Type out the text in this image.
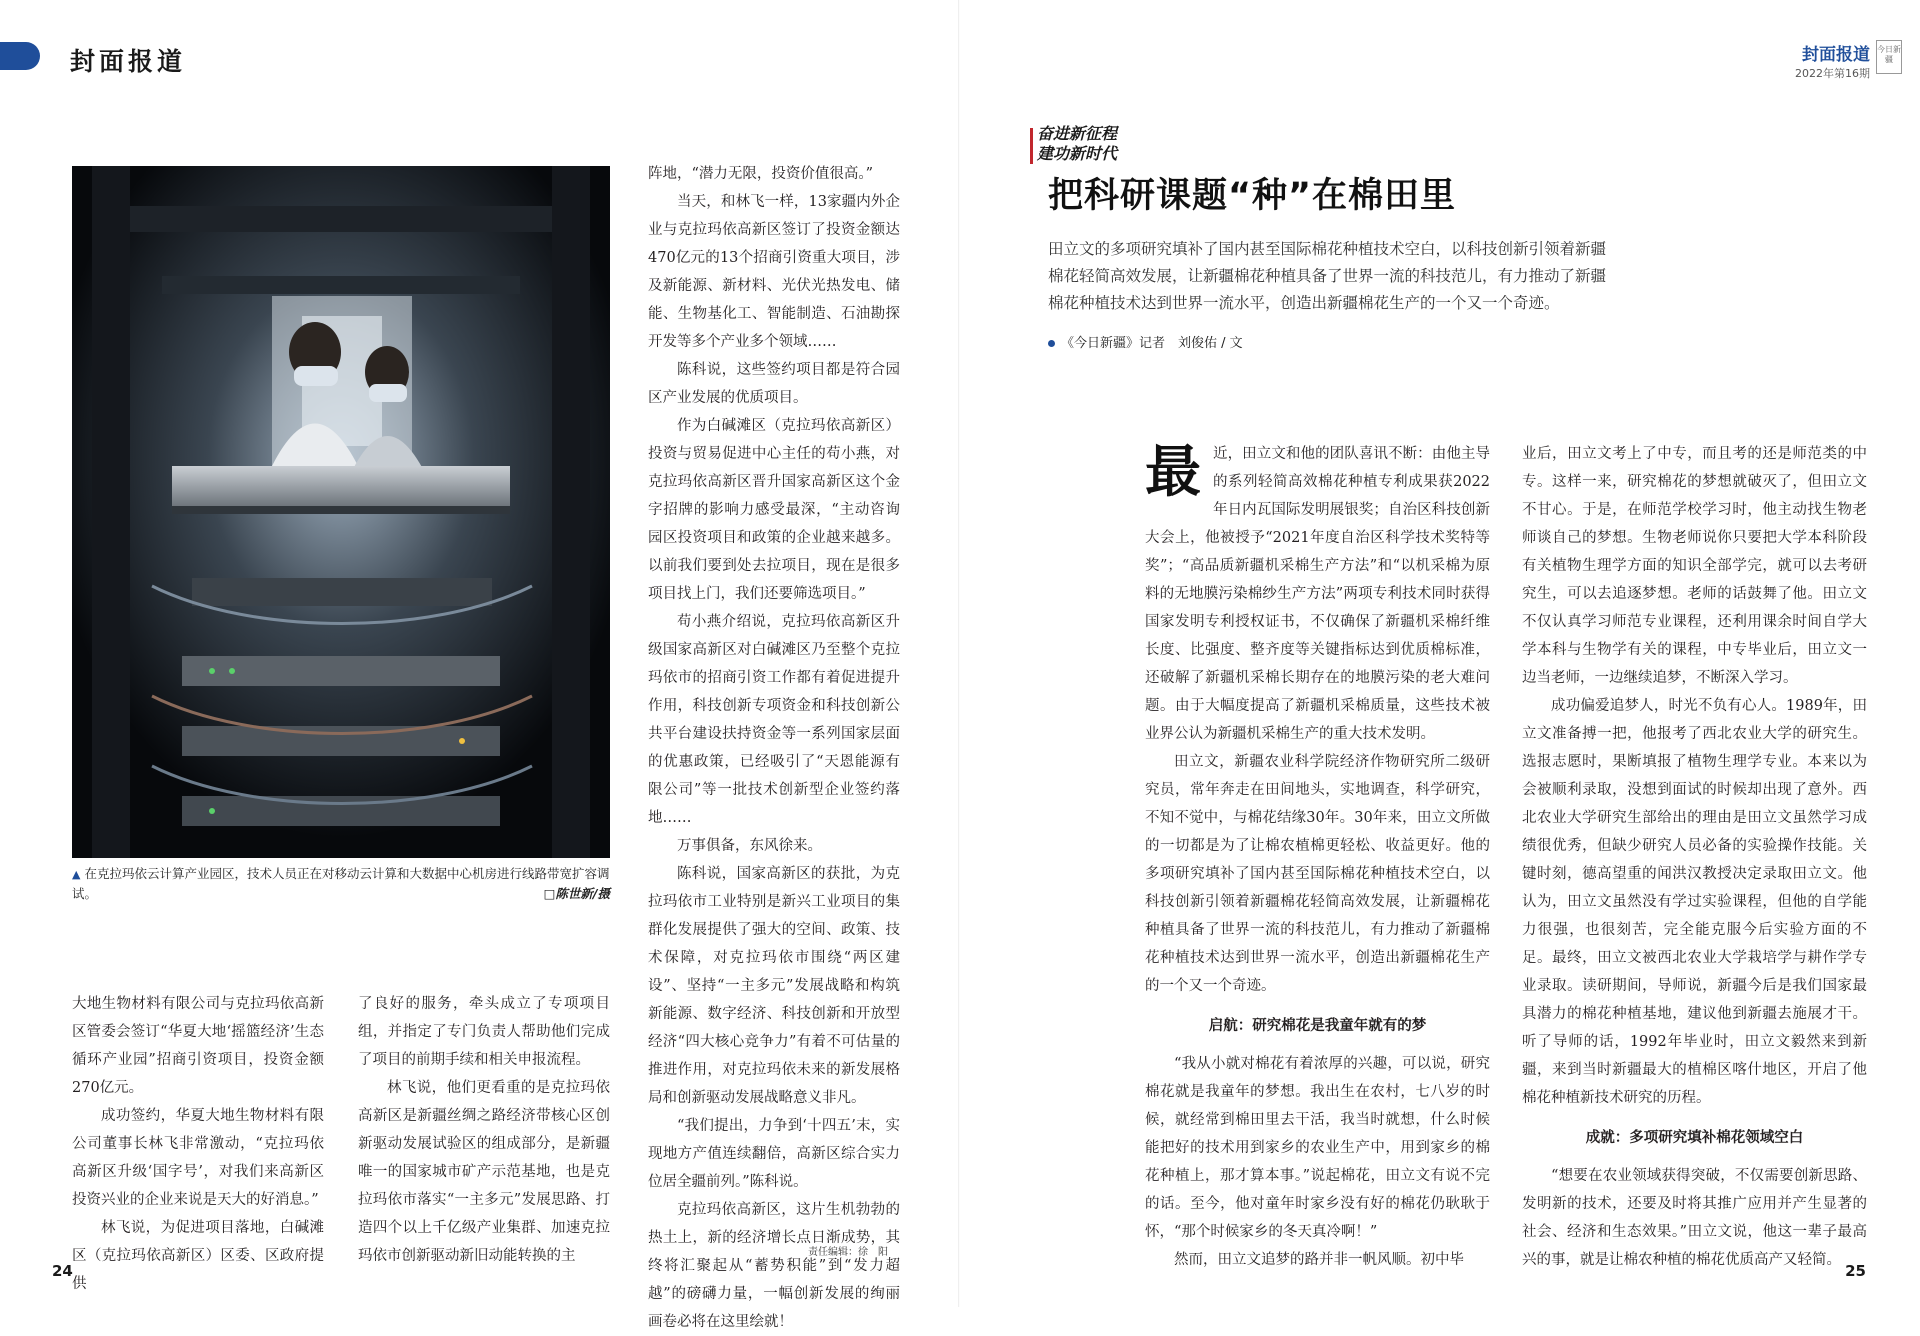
封面报道
▲ 在克拉玛依云计算产业园区，技术人员正在对移动云计算和大数据中心机房进行线路带宽扩容调试。	□陈世新/摄

阵地，“潜力无限，投资价值很高。”

当天，和林飞一样，13家疆内外企业与克拉玛依高新区签订了投资金额达470亿元的13个招商引资重大项目，涉及新能源、新材料、光伏光热发电、储能、生物基化工、智能制造、石油勘探开发等多个产业多个领域……

陈科说，这些签约项目都是符合园区产业发展的优质项目。

作为白碱滩区（克拉玛依高新区）投资与贸易促进中心主任的苟小燕，对克拉玛依高新区晋升国家高新区这个金字招牌的影响力感受最深，“主动咨询园区投资项目和政策的企业越来越多。以前我们要到处去拉项目，现在是很多项目找上门，我们还要筛选项目。”

苟小燕介绍说，克拉玛依高新区升级国家高新区对白碱滩区乃至整个克拉玛依市的招商引资工作都有着促进提升作用，科技创新专项资金和科技创新公共平台建设扶持资金等一系列国家层面的优惠政策，已经吸引了“天恩能源有限公司”等一批技术创新型企业签约落地……

万事俱备，东风徐来。

陈科说，国家高新区的获批，为克拉玛依市工业特别是新兴工业项目的集群化发展提供了强大的空间、政策、技术保障，对克拉玛依市围绕“两区建设”、坚持“一主多元”发展战略和构筑新能源、数字经济、科技创新和开放型经济“四大核心竞争力”有着不可估量的推进作用，对克拉玛依未来的新发展格局和创新驱动发展战略意义非凡。

“我们提出，力争到‘十四五’末，实现地方产值连续翻倍，高新区综合实力位居全疆前列。”陈科说。

克拉玛依高新区，这片生机勃勃的热土上，新的经济增长点日渐成势，其终将汇聚起从“蓄势积能”到“发力超越”的磅礴力量，一幅创新发展的绚丽画卷必将在这里绘就！

大地生物材料有限公司与克拉玛依高新区管委会签订“华夏大地‘摇篮经济’生态循环产业园”招商引资项目，投资金额270亿元。

成功签约，华夏大地生物材料有限公司董事长林飞非常激动，“克拉玛依高新区升级‘国字号’，对我们来高新区投资兴业的企业来说是天大的好消息。”

林飞说，为促进项目落地，白碱滩区（克拉玛依高新区）区委、区政府提供

了良好的服务，牵头成立了专项项目组，并指定了专门负责人帮助他们完成了项目的前期手续和相关申报流程。

林飞说，他们更看重的是克拉玛依高新区是新疆丝绸之路经济带核心区创新驱动发展试验区的组成部分，是新疆唯一的国家城市矿产示范基地，也是克拉玛依市落实“一主多元”发展思路、打造四个以上千亿级产业集群、加速克拉玛依市创新驱动新旧动能转换的主	责任编辑：徐　阳
24
封面报道
2022年第16期
今日新疆
奋进新征程
建功新时代
把科研课题“种”在棉田里
田立文的多项研究填补了国内甚至国际棉花种植技术空白，以科技创新引领着新疆棉花轻简高效发展，让新疆棉花种植具备了世界一流的科技范儿，有力推动了新疆棉花种植技术达到世界一流水平，创造出新疆棉花生产的一个又一个奇迹。
《今日新疆》记者　刘俊佑 / 文

最近，田立文和他的团队喜讯不断：由他主导的系列轻简高效棉花种植专利成果获2022年日内瓦国际发明展银奖；自治区科技创新大会上，他被授予“2021年度自治区科学技术奖特等奖”；“高品质新疆机采棉生产方法”和“以机采棉为原料的无地膜污染棉纱生产方法”两项专利技术同时获得国家发明专利授权证书，不仅确保了新疆机采棉纤维长度、比强度、整齐度等关键指标达到优质棉标准，还破解了新疆机采棉长期存在的地膜污染的老大难问题。由于大幅度提高了新疆机采棉质量，这些技术被业界公认为新疆机采棉生产的重大技术发明。

田立文，新疆农业科学院经济作物研究所二级研究员，常年奔走在田间地头，实地调查，科学研究，不知不觉中，与棉花结缘30年。30年来，田立文所做的一切都是为了让棉农植棉更轻松、收益更好。他的多项研究填补了国内甚至国际棉花种植技术空白，以科技创新引领着新疆棉花轻简高效发展，让新疆棉花种植具备了世界一流的科技范儿，有力推动了新疆棉花种植技术达到世界一流水平，创造出新疆棉花生产的一个又一个奇迹。

启航：研究棉花是我童年就有的梦

“我从小就对棉花有着浓厚的兴趣，可以说，研究棉花就是我童年的梦想。我出生在农村，七八岁的时候，就经常到棉田里去干活，我当时就想，什么时候能把好的技术用到家乡的农业生产中，用到家乡的棉花种植上，那才算本事。”说起棉花，田立文有说不完的话。至今，他对童年时家乡没有好的棉花仍耿耿于怀，“那个时候家乡的冬天真冷啊！”

然而，田立文追梦的路并非一帆风顺。初中毕

业后，田立文考上了中专，而且考的还是师范类的中专。这样一来，研究棉花的梦想就破灭了，但田立文不甘心。于是，在师范学校学习时，他主动找生物老师谈自己的梦想。生物老师说你只要把大学本科阶段有关植物生理学方面的知识全部学完，就可以去考研究生，可以去追逐梦想。老师的话鼓舞了他。田立文不仅认真学习师范专业课程，还利用课余时间自学大学本科与生物学有关的课程，中专毕业后，田立文一边当老师，一边继续追梦，不断深入学习。

成功偏爱追梦人，时光不负有心人。1989年，田立文准备搏一把，他报考了西北农业大学的研究生。选报志愿时，果断填报了植物生理学专业。本来以为会被顺利录取，没想到面试的时候却出现了意外。西北农业大学研究生部给出的理由是田立文虽然学习成绩很优秀，但缺少研究人员必备的实验操作技能。关键时刻，德高望重的闻洪汉教授决定录取田立文。他认为，田立文虽然没有学过实验课程，但他的自学能力很强，也很刻苦，完全能克服今后实验方面的不足。最终，田立文被西北农业大学栽培学与耕作学专业录取。读研期间，导师说，新疆今后是我们国家最具潜力的棉花种植基地，建议他到新疆去施展才干。听了导师的话，1992年毕业时，田立文毅然来到新疆，来到当时新疆最大的植棉区喀什地区，开启了他棉花种植新技术研究的历程。

成就：多项研究填补棉花领域空白

“想要在农业领域获得突破，不仅需要创新思路、发明新的技术，还要及时将其推广应用并产生显著的社会、经济和生态效果。”田立文说，他这一辈子最高兴的事，就是让棉农种植的棉花优质高产又轻简。

25
